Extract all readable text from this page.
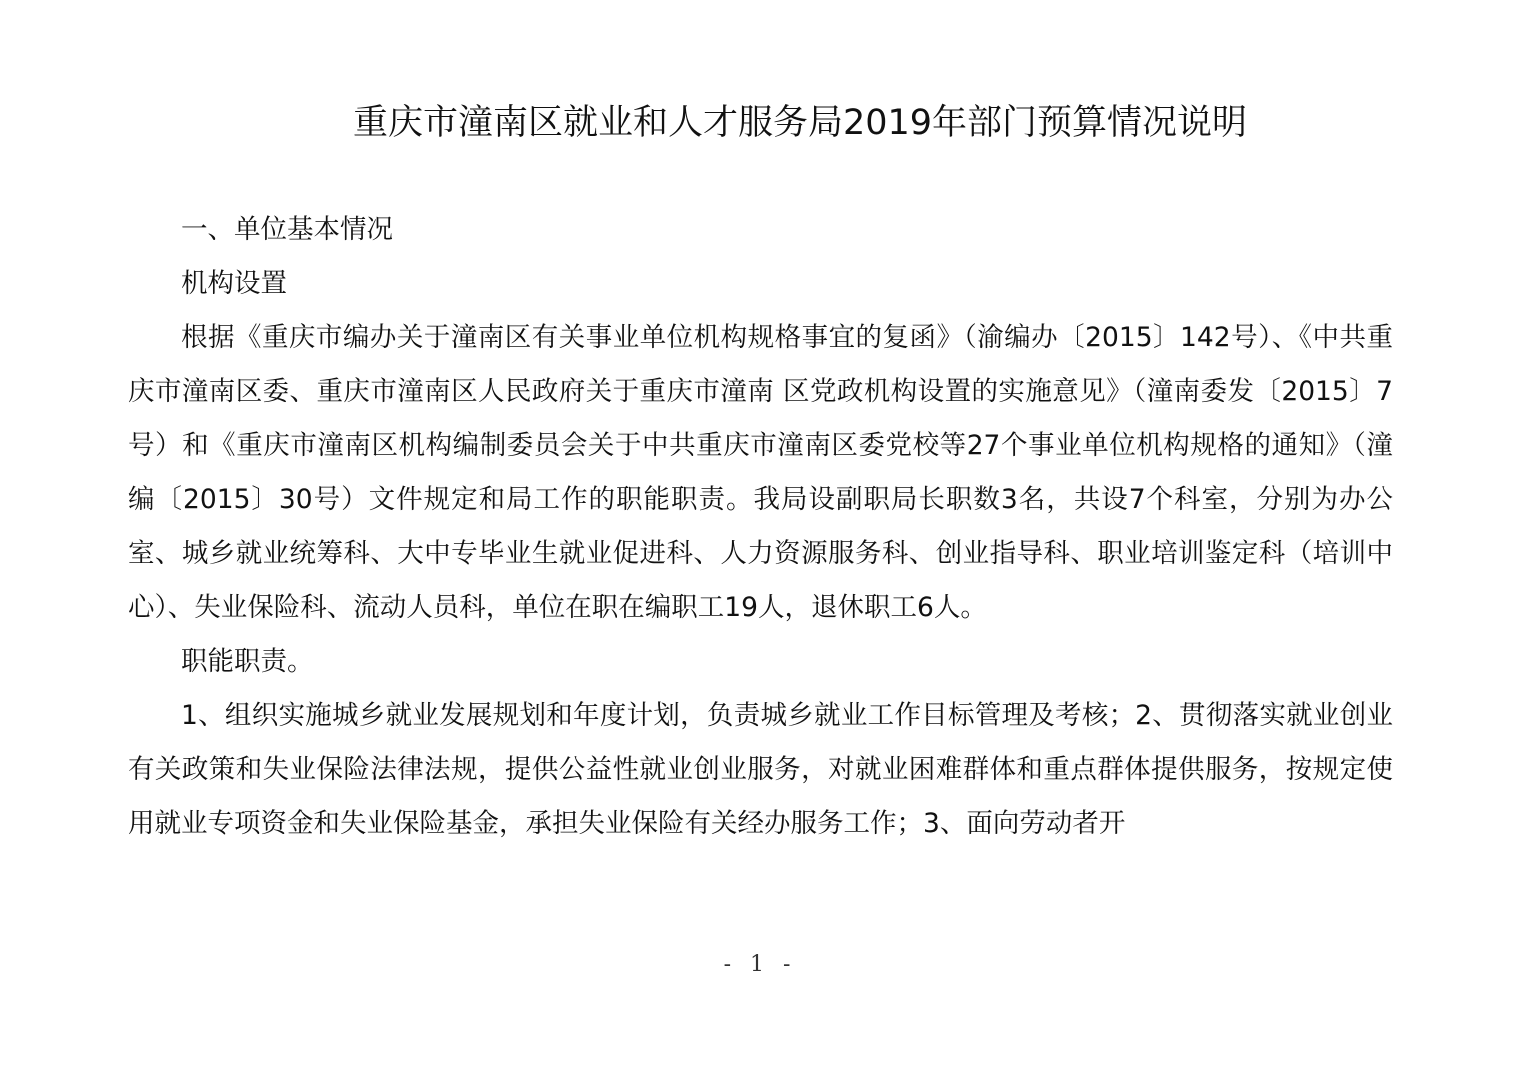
重庆市潼南区就业和人才服务局2019年部门预算情况说明

一、单位基本情况

机构设置

根据《重庆市编办关于潼南区有关事业单位机构规格事宜的复函》（渝编办〔2015〕142号）、《中共重庆市潼南区委、重庆市潼南区人民政府关于重庆市潼南 区党政机构设置的实施意见》（潼南委发〔2015〕7号）和《重庆市潼南区机构编制委员会关于中共重庆市潼南区委党校等27个事业单位机构规格的通知》（潼编〔2015〕30号）文件规定和局工作的职能职责。我局设副职局长职数3名，共设7个科室，分别为办公室、城乡就业统筹科、大中专毕业生就业促进科、人力资源服务科、创业指导科、职业培训鉴定科（培训中心）、失业保险科、流动人员科，单位在职在编职工19人，退休职工6人。

职能职责。

1、组织实施城乡就业发展规划和年度计划，负责城乡就业工作目标管理及考核；2、贯彻落实就业创业有关政策和失业保险法律法规，提供公益性就业创业服务，对就业困难群体和重点群体提供服务，按规定使用就业专项资金和失业保险基金，承担失业保险有关经办服务工作；3、面向劳动者开

- 1 -
